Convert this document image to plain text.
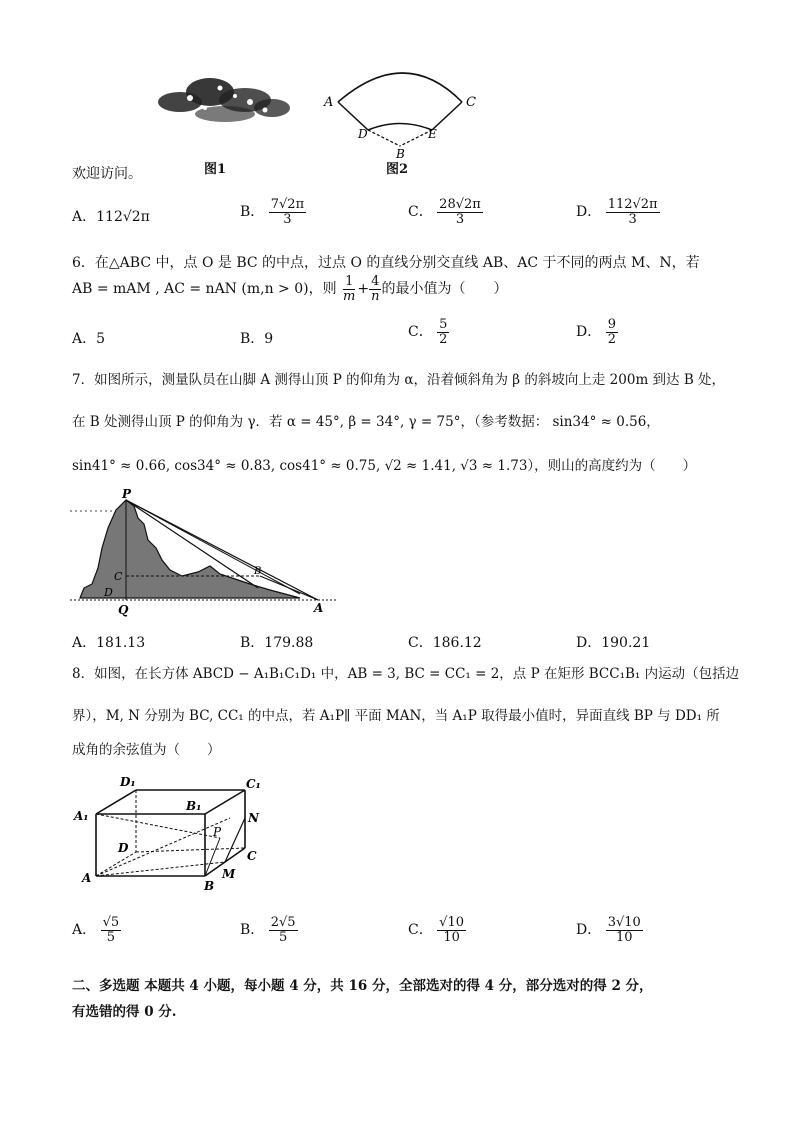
图1
A	C
D	E
B
图2
欢迎访问。
A．112√2π	B． $\frac{7√2\pi}{3}$	C． $\frac{28√2\pi}{3}$	D． $\frac{112√2\pi}{3}$
6．在△ABC 中，点 O 是 BC 的中点，过点 O 的直线分别交直线 AB、AC 于不同的两点 M、N，若
AB = mAM , AC = nAN (m,n > 0)，则 $\frac{1}{m} + \frac{4}{n}$ 的最小值为（　　）
A．5	B．9	C． $\frac{5}{2}$	D． $\frac{9}{2}$
7．如图所示，测量队员在山脚 A 测得山顶 P 的仰角为 α，沿着倾斜角为 β 的斜坡向上走 200m 到达 B 处，
在 B 处测得山顶 P 的仰角为 γ．若 α = 45°, β = 34°, γ = 75°，（参考数据： sin34° ≈ 0.56，
sin41° ≈ 0.66, cos34° ≈ 0.83, cos41° ≈ 0.75, √2 ≈ 1.41, √3 ≈ 1.73），则山的高度约为（　　）
P
C
D
Q
B
A
A．181.13	B．179.88	C．186.12	D．190.21
8．如图，在长方体 ABCD − A₁B₁C₁D₁ 中，AB = 3, BC = CC₁ = 2，点 P 在矩形 BCC₁B₁ 内运动（包括边
界），M, N 分别为 BC, CC₁ 的中点，若 A₁P∥ 平面 MAN，当 A₁P 取得最小值时，异面直线 BP 与 DD₁ 所
成角的余弦值为（　　）
D₁	C₁
A₁
B₁
P
N
D
C
A
B
M
A． $\frac{√5}{5}$	B． $\frac{2√5}{5}$	C． $\frac{√10}{10}$	D． $\frac{3√10}{10}$
二、多选题 本题共 4 小题，每小题 4 分，共 16 分，全部选对的得 4 分，部分选对的得 2 分，
有选错的得 0 分.
